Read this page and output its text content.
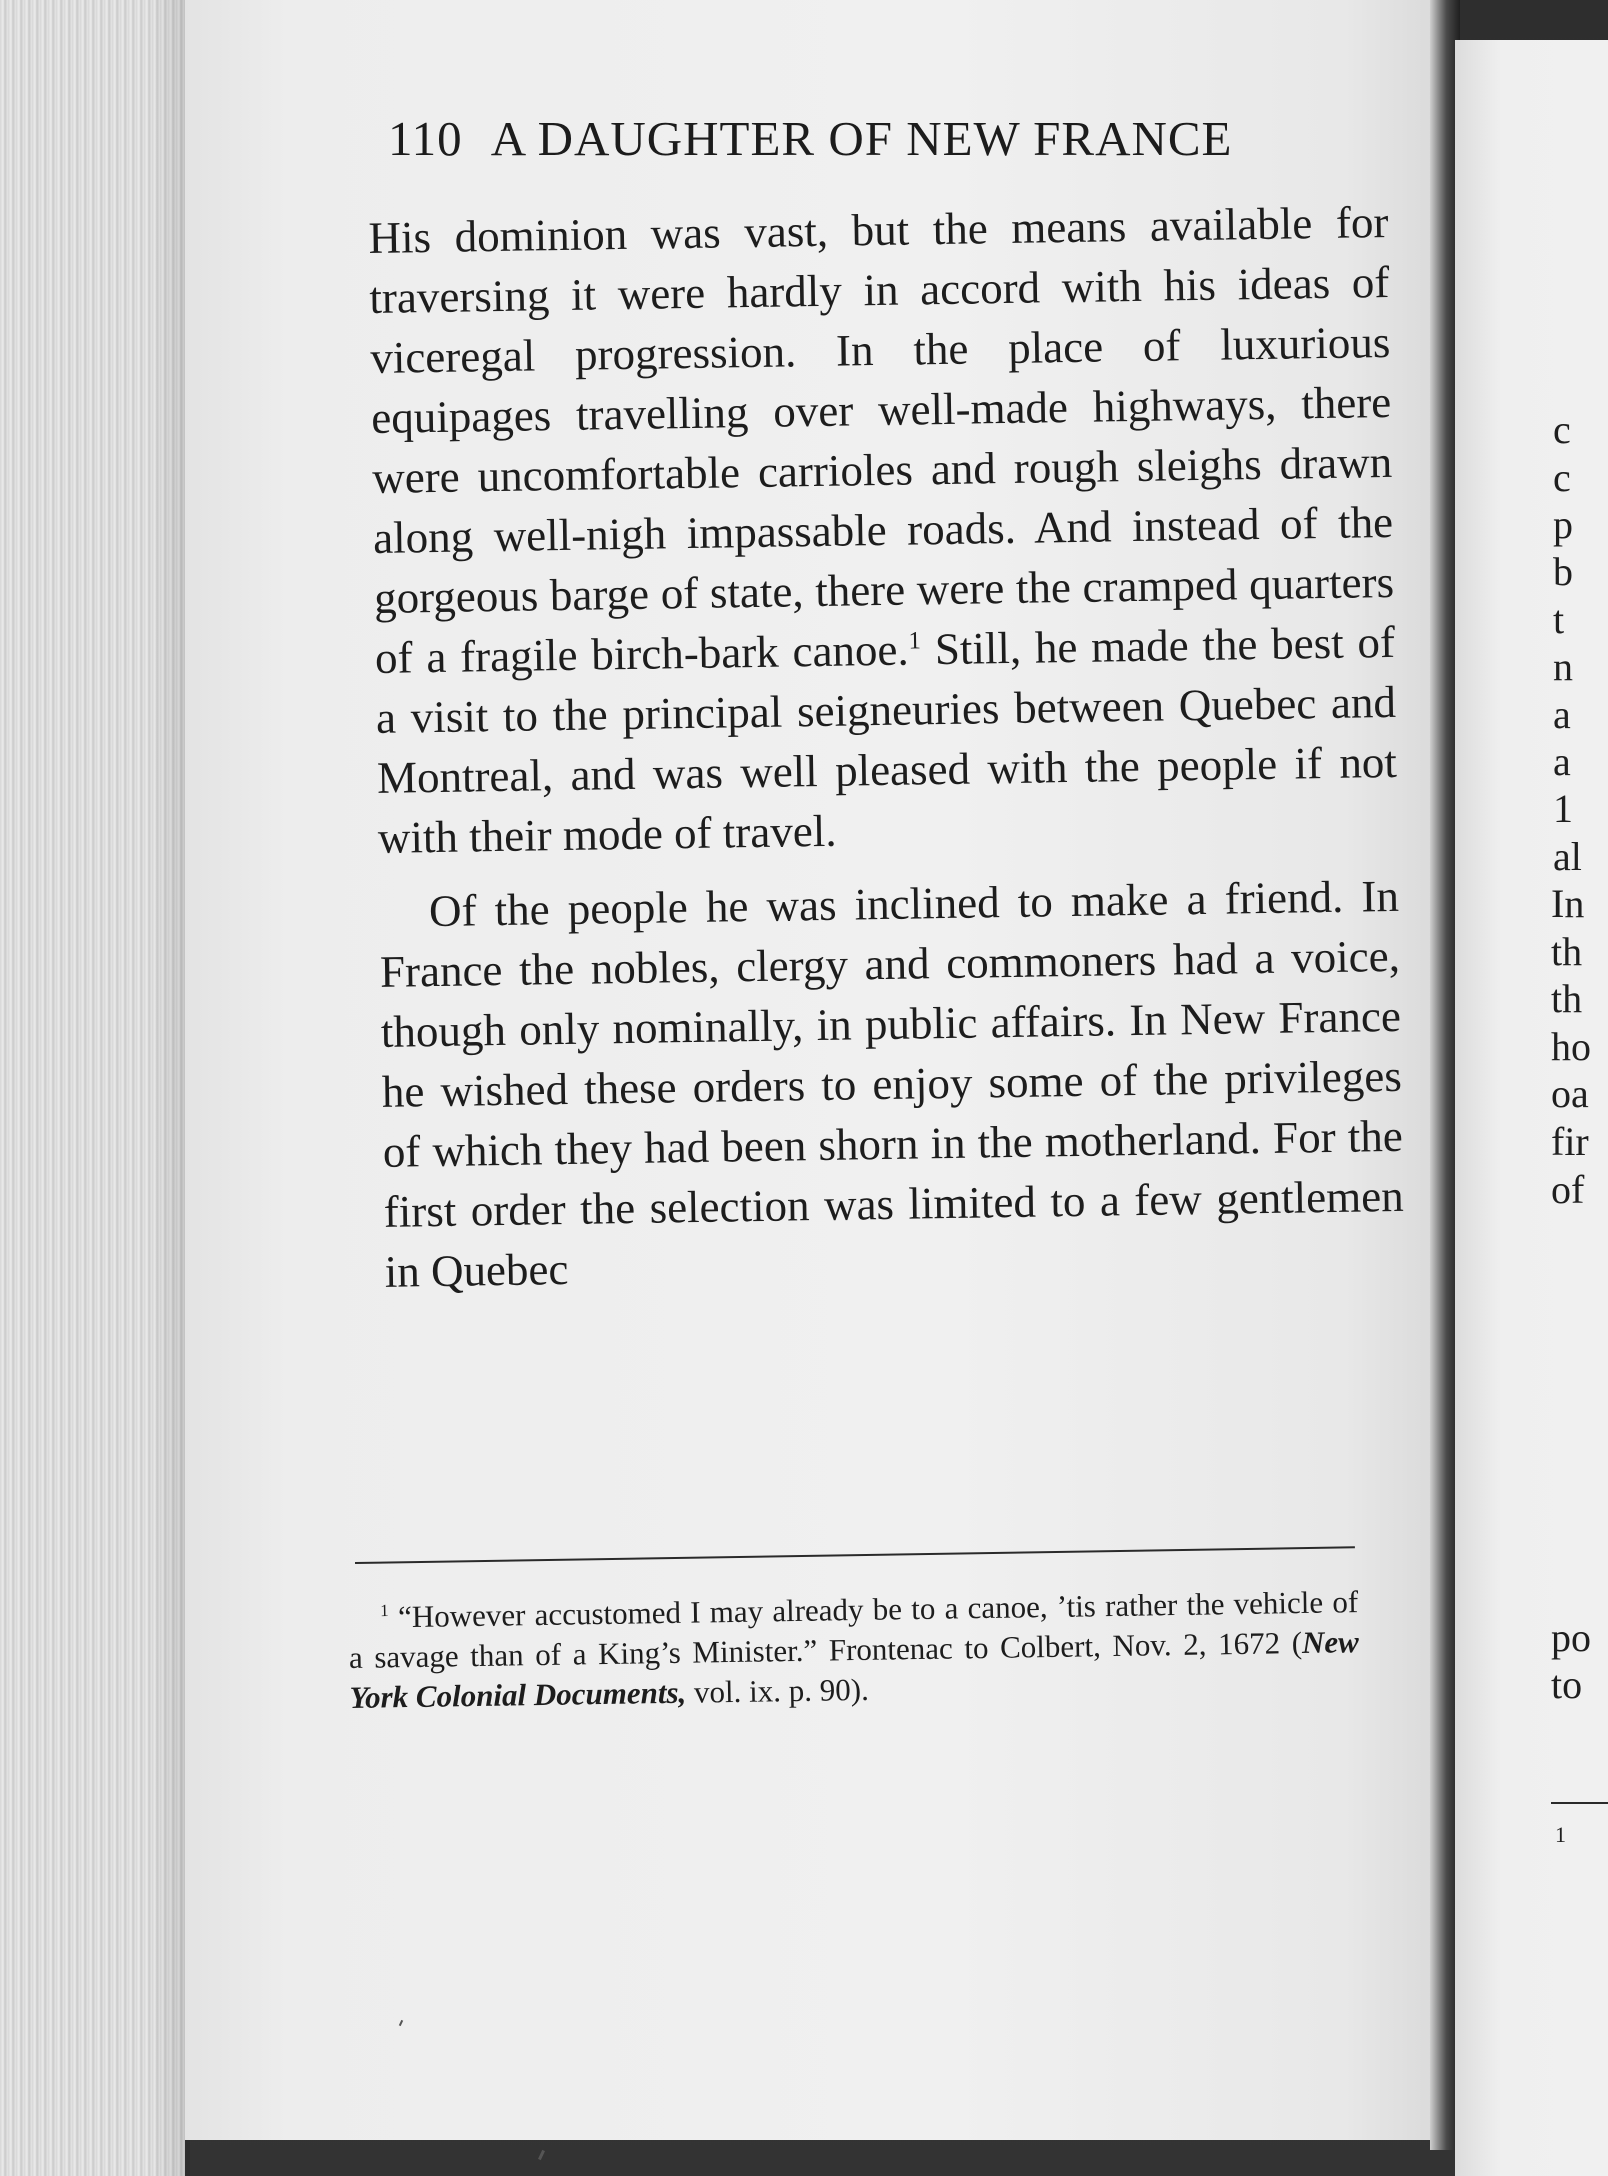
c
c
p
b
t
n
a
a
1
al
In
th
th
ho
oa
fir
of
po
to
1
110 A DAUGHTER OF NEW FRANCE

His dominion was vast, but the means available for traversing it were hardly in accord with his ideas of viceregal progression. In the place of luxurious equipages travelling over well-made highways, there were uncomfortable carrioles and rough sleighs drawn along well-nigh impassable roads. And instead of the gorgeous barge of state, there were the cramped quarters of a fragile birch-bark canoe.$^1$ Still, he made the best of a visit to the principal seigneuries between Quebec and Montreal, and was well pleased with the people if not with their mode of travel.

Of the people he was inclined to make a friend. In France the nobles, clergy and commoners had a voice, though only nominally, in public affairs. In New France he wished these orders to enjoy some of the privileges of which they had been shorn in the motherland. For the first order the selection was limited to a few gentlemen in Quebec

$^1$ “However accustomed I may already be to a canoe, ’tis rather the vehicle of a savage than of a King’s Minister.” Frontenac to Colbert, Nov. 2, 1672 (New York Colonial Documents, vol. ix. p. 90).
